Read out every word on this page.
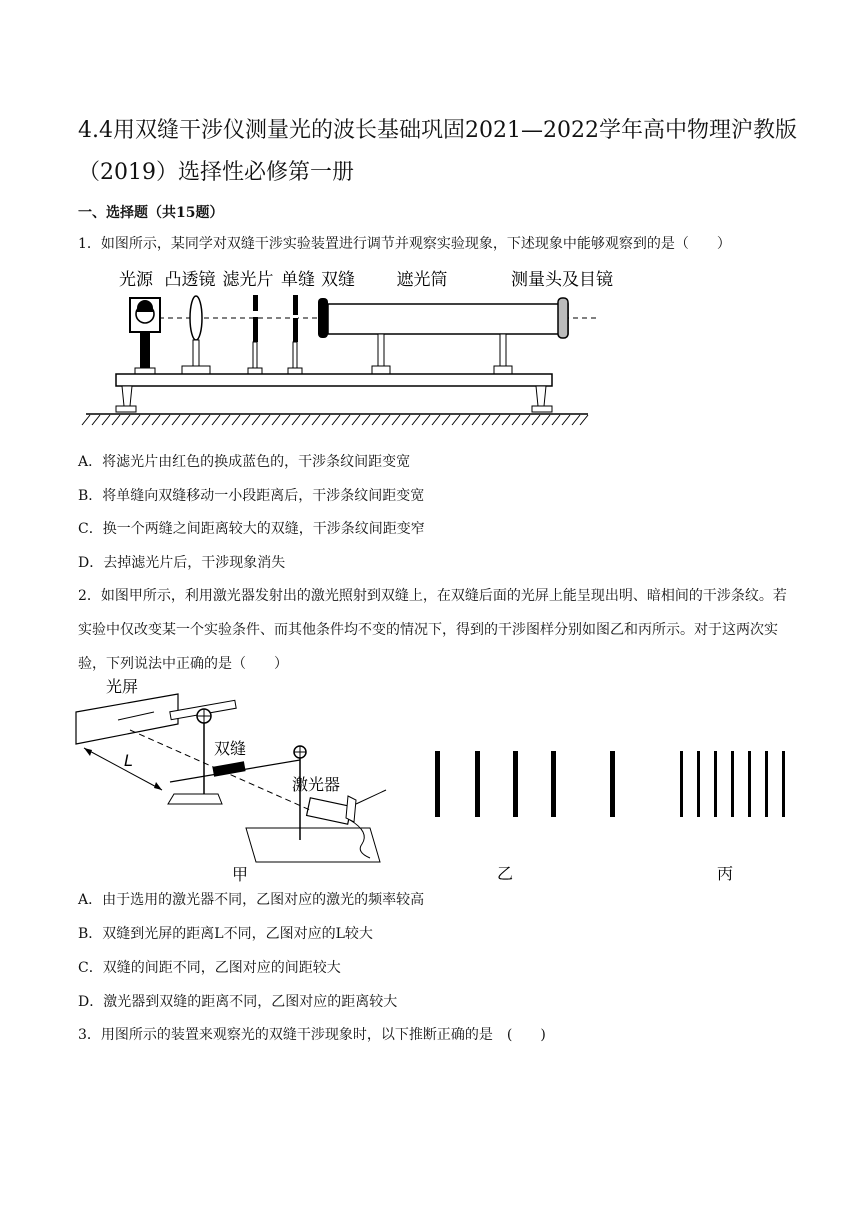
4.4用双缝干涉仪测量光的波长基础巩固2021—2022学年高中物理沪教版（2019）选择性必修第一册
一、选择题（共15题）
1．如图所示，某同学对双缝干涉实验装置进行调节并观察实验现象，下述现象中能够观察到的是（　　）
光源 凸透镜 滤光片 单缝 双缝 遮光筒	测量头及目镜
A．将滤光片由红色的换成蓝色的，干涉条纹间距变宽
B．将单缝向双缝移动一小段距离后，干涉条纹间距变宽
C．换一个两缝之间距离较大的双缝，干涉条纹间距变窄
D．去掉滤光片后，干涉现象消失
2．如图甲所示，利用激光器发射出的激光照射到双缝上，在双缝后面的光屏上能呈现出明、暗相间的干涉条纹。若实验中仅改变某一个实验条件、而其他条件均不变的情况下，得到的干涉图样分别如图乙和丙所示。对于这两次实验，下列说法中正确的是（　　）
光屏
双缝
激光器
L
甲	乙	丙
A．由于选用的激光器不同，乙图对应的激光的频率较高
B．双缝到光屏的距离L不同，乙图对应的L较大
C．双缝的间距不同，乙图对应的间距较大
D．激光器到双缝的距离不同，乙图对应的距离较大
3．用图所示的装置来观察光的双缝干涉现象时，以下推断正确的是　(　　)
